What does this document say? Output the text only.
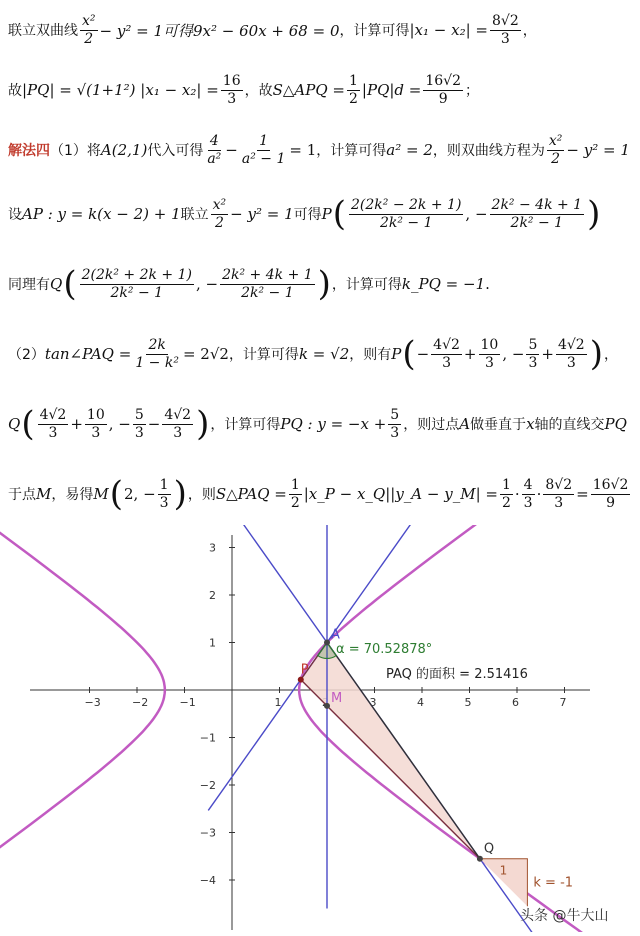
联立双曲线 $\frac{\text{x²}}{2} - y^2 = 1$可得9x² − 60x + 68 = 0 ，计算可得 $|x_1 - x_2| = \frac{8√2}{3}$ ，
故 |PQ| = √(1+1²) $|x_1 - x_2| = \frac{16}{3}$ ，故 S△APQ = $\frac{1}{2} |PQ|d = \frac{16√2}{9}$ ；
解法四 （1）将 A(2,1) 代入可得 $\frac{4}{\text{a²}} - \frac{1}{\text{a² − 1}} = 1$ ，计算可得 a² = 2 ，则双曲线方程为 $\frac{\text{x²}}{2} - y^2 = 1$
设 AP : y = k(x − 2) + 1 联立 $\frac{\text{x²}}{2} - y^2 = 1$ 可得 P ( $\frac{\text{2(2k² − 2k + 1)}}{\text{2k² − 1}}$ , − $\frac{\text{2k² − 4k + 1}}{\text{2k² − 1}}$ )
同理有 Q ( $\frac{\text{2(2k² + 2k + 1)}}{\text{2k² − 1}}$ , − $\frac{\text{2k² + 4k + 1}}{\text{2k² − 1}}$ ) ，计算可得 k_PQ = −1 .
（2） tan∠PAQ = $\frac{2k}{\text{1 − k²}} = 2√2$ ，计算可得 k = √2 ，则有 P ( − $\frac{4√2}{3} + \frac{10}{3}$ , − $\frac{5}{3} + \frac{4√2}{3}$ ) ，
Q ( $\frac{4√2}{3} + \frac{10}{3}$ , − $\frac{5}{3} - \frac{4√2}{3}$ ) ，计算可得 PQ : $y = -x + \frac{5}{3}$ ，则过点 A 做垂直于 x 轴的直线交 PQ
于点 M ，易得 M ( 2, − $\frac{1}{3}$ ) ，则 S△PAQ = $\frac{1}{2}$ |x_P − x_Q||y_A − y_M| = $\frac{1}{2} \cdot \frac{4}{3} \cdot \frac{8√2}{3} = \frac{16√2}{9}$
−3	−2	−1	1	3	4	5	6	7
3
2
1
−1
−2
−3
−4
A
P
M
Q
α = 70.52878°
PAQ 的面积 = 2.51416
1
k = -1
头条 @牛大山
